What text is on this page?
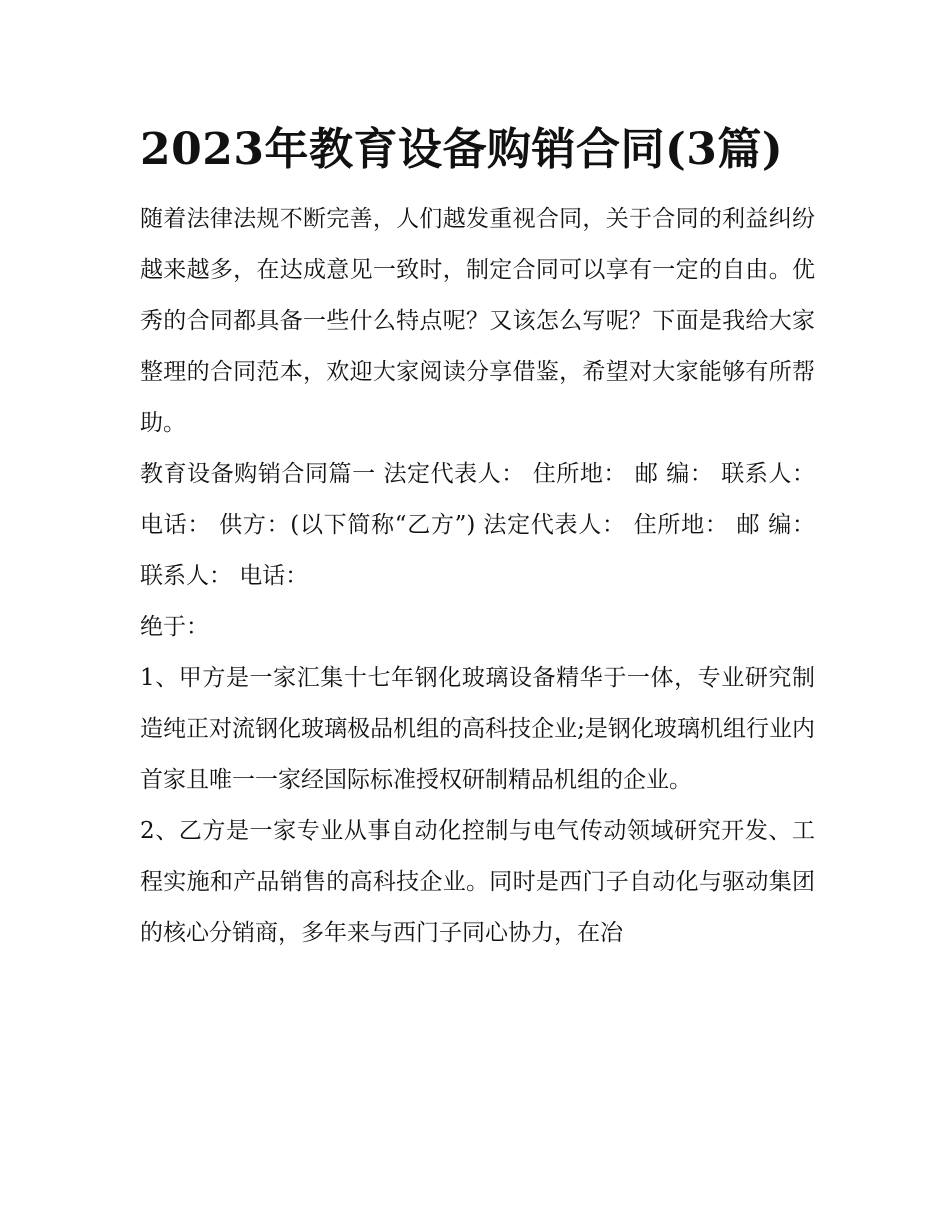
2023年教育设备购销合同(3篇)

随着法律法规不断完善，人们越发重视合同，关于合同的利益纠纷越来越多，在达成意见一致时，制定合同可以享有一定的自由。优秀的合同都具备一些什么特点呢？又该怎么写呢？下面是我给大家整理的合同范本，欢迎大家阅读分享借鉴，希望对大家能够有所帮助。

教育设备购销合同篇一 法定代表人： 住所地： 邮 编： 联系人： 电话： 供方：(以下简称“乙方”) 法定代表人： 住所地： 邮 编： 联系人： 电话：

绝于：

1、甲方是一家汇集十七年钢化玻璃设备精华于一体，专业研究制造纯正对流钢化玻璃极品机组的高科技企业;是钢化玻璃机组行业内首家且唯一一家经国际标准授权研制精品机组的企业。

2、乙方是一家专业从事自动化控制与电气传动领域研究开发、工程实施和产品销售的高科技企业。同时是西门子自动化与驱动集团的核心分销商，多年来与西门子同心协力，在冶
